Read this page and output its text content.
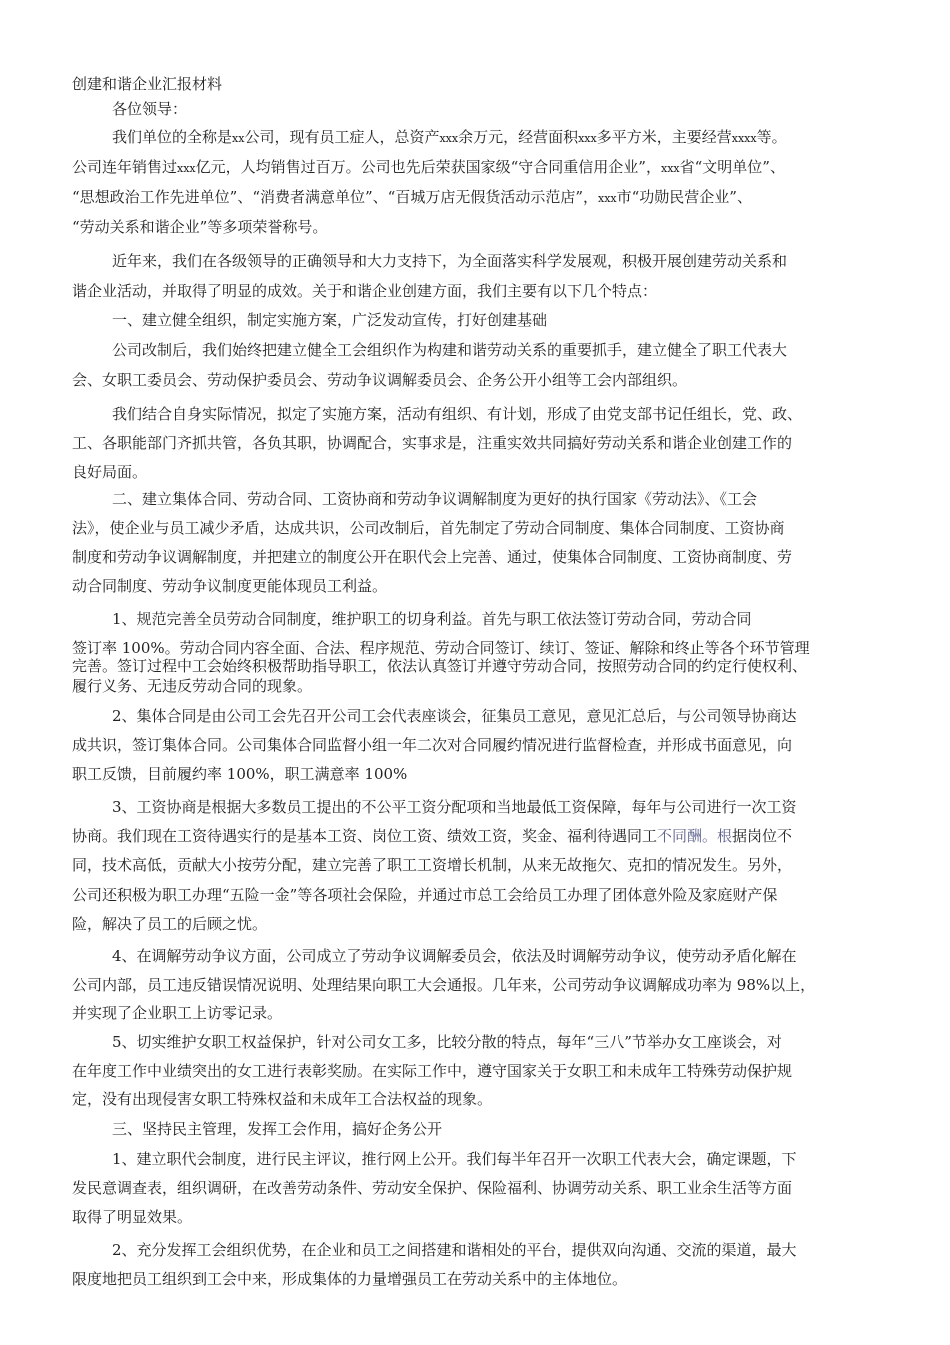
创建和谐企业汇报材料
各位领导：
我们单位的全称是xx公司，现有员工症人，总资产xxx余万元，经营面积xxx多平方米，主要经营xxxx等。
公司连年销售过xxx亿元，人均销售过百万。公司也先后荣获国家级“守合同重信用企业”，xxx省“文明单位”、
“思想政治工作先进单位”、“消费者满意单位”、“百城万店无假货活动示范店”，xxx市“功勋民营企业”、
“劳动关系和谐企业”等多项荣誉称号。
近年来，我们在各级领导的正确领导和大力支持下，为全面落实科学发展观，积极开展创建劳动关系和
谐企业活动，并取得了明显的成效。关于和谐企业创建方面，我们主要有以下几个特点：
一、建立健全组织，制定实施方案，广泛发动宣传，打好创建基础
公司改制后，我们始终把建立健全工会组织作为构建和谐劳动关系的重要抓手，建立健全了职工代表大
会、女职工委员会、劳动保护委员会、劳动争议调解委员会、企务公开小组等工会内部组织。
我们结合自身实际情况，拟定了实施方案，活动有组织、有计划，形成了由党支部书记任组长，党、政、
工、各职能部门齐抓共管，各负其职，协调配合，实事求是，注重实效共同搞好劳动关系和谐企业创建工作的
良好局面。
二、建立集体合同、劳动合同、工资协商和劳动争议调解制度为更好的执行国家《劳动法》、《工会
法》，使企业与员工减少矛盾，达成共识，公司改制后，首先制定了劳动合同制度、集体合同制度、工资协商
制度和劳动争议调解制度，并把建立的制度公开在职代会上完善、通过，使集体合同制度、工资协商制度、劳
动合同制度、劳动争议制度更能体现员工利益。
1、规范完善全员劳动合同制度，维护职工的切身利益。首先与职工依法签订劳动合同，劳动合同
签订率 100%。劳动合同内容全面、合法、程序规范、劳动合同签订、续订、签证、解除和终止等各个环节管理
完善。签订过程中工会始终积极帮助指导职工，依法认真签订并遵守劳动合同，按照劳动合同的约定行使权利、
履行义务、无违反劳动合同的现象。
2、集体合同是由公司工会先召开公司工会代表座谈会，征集员工意见，意见汇总后，与公司领导协商达
成共识，签订集体合同。公司集体合同监督小组一年二次对合同履约情况进行监督检查，并形成书面意见，向
职工反馈，目前履约率 100%，职工满意率 100%
3、工资协商是根据大多数员工提出的不公平工资分配项和当地最低工资保障，每年与公司进行一次工资
协商。我们现在工资待遇实行的是基本工资、岗位工资、绩效工资，奖金、福利待遇同工不同酬。根据岗位不
同，技术高低，贡献大小按劳分配，建立完善了职工工资增长机制，从来无故拖欠、克扣的情况发生。另外，
公司还积极为职工办理“五险一金”等各项社会保险，并通过市总工会给员工办理了团体意外险及家庭财产保
险，解决了员工的后顾之忧。
4、在调解劳动争议方面，公司成立了劳动争议调解委员会，依法及时调解劳动争议，使劳动矛盾化解在
公司内部，员工违反错误情况说明、处理结果向职工大会通报。几年来，公司劳动争议调解成功率为 98%以上，
并实现了企业职工上访零记录。
5、切实维护女职工权益保护，针对公司女工多，比较分散的特点，每年“三八”节举办女工座谈会，对
在年度工作中业绩突出的女工进行表彰奖励。在实际工作中，遵守国家关于女职工和未成年工特殊劳动保护规
定，没有出现侵害女职工特殊权益和未成年工合法权益的现象。
三、坚持民主管理，发挥工会作用，搞好企务公开
1、建立职代会制度，进行民主评议，推行网上公开。我们每半年召开一次职工代表大会，确定课题，下
发民意调查表，组织调研，在改善劳动条件、劳动安全保护、保险福利、协调劳动关系、职工业余生活等方面
取得了明显效果。
2、充分发挥工会组织优势，在企业和员工之间搭建和谐相处的平台，提供双向沟通、交流的渠道，最大
限度地把员工组织到工会中来，形成集体的力量增强员工在劳动关系中的主体地位。
